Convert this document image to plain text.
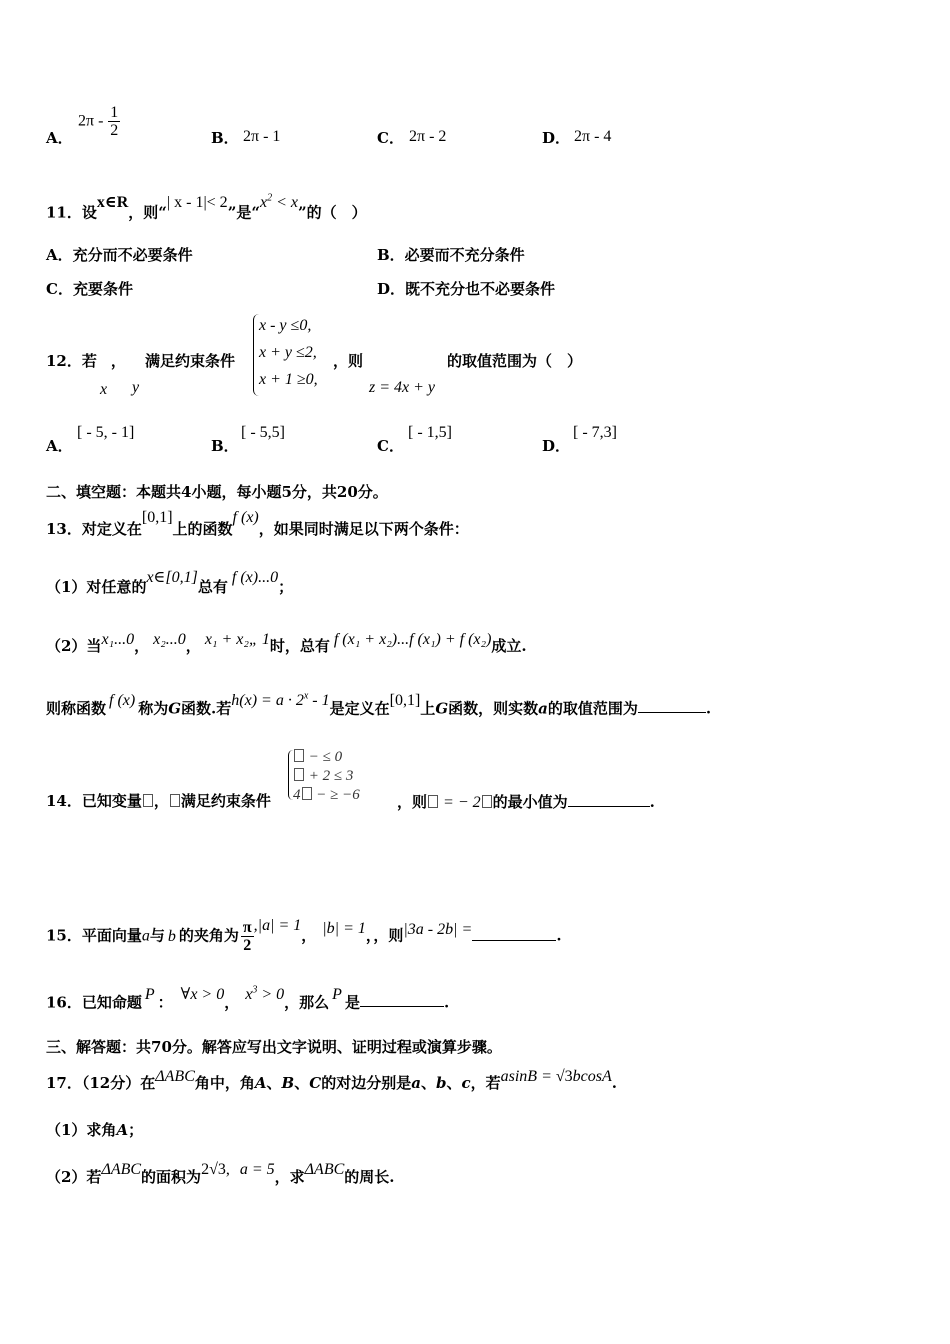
A．
$2\pi - \frac{1}{2}$	B． 2π - 1	C． 2π - 2	D． 2π - 4
11．设x∈R，则“| x - 1|< 2”是“$x^2 < x$”的（　）
A．充分而不必要条件	B．必要而不充分条件
C．充要条件	D．既不充分也不必要条件
12．若 ，
x y
满足约束条件
x - y ≤0,
x + y ≤2,
x + 1 ≥0,
，则
z = 4x + y
的取值范围为（　）
A．
[ - 5, - 1]
B．
[ - 5,5]
C．
[ - 1,5]
D．
[ - 7,3]
二、填空题：本题共4小题，每小题5分，共20分。
13．对定义在[0,1]上的函数f (x)，如果同时满足以下两个条件：
（1）对任意的x∈[0,1]总有f (x)...0；
（2）当x₁...0， x₂...0， x₁ + x₂„ 1时，总有 f (x₁ + x₂)...f (x₁) + f (x₂)成立.
则称函数 f (x) 称为G函数.若$h(x) = a \cdot 2^x - 1$是定义在[0,1]上G函数，则实数a的取值范围为	.
− ≤ 0
+ 2 ≤ 3
4 − ≥ −6
14．已知变量 ， 满足约束条件	，则 = − 2 的最小值为	.
15．平面向量a与 b 的夹角为 $\frac{\pi}{2} ,|a| = 1$， |b| = 1，，则|3a - 2b| =	.
16．已知命题 P ： ∀x > 0， $x^3 > 0$，那么 P 是	.
三、解答题：共70分。解答应写出文字说明、证明过程或演算步骤。
17．（12分）在ΔABC角中，角A、B、C的对边分别是a、b、c，若asinB = √3bcosA.
（1）求角A；
（2）若ΔABC的面积为2√3, a = 5，求ΔABC的周长.
